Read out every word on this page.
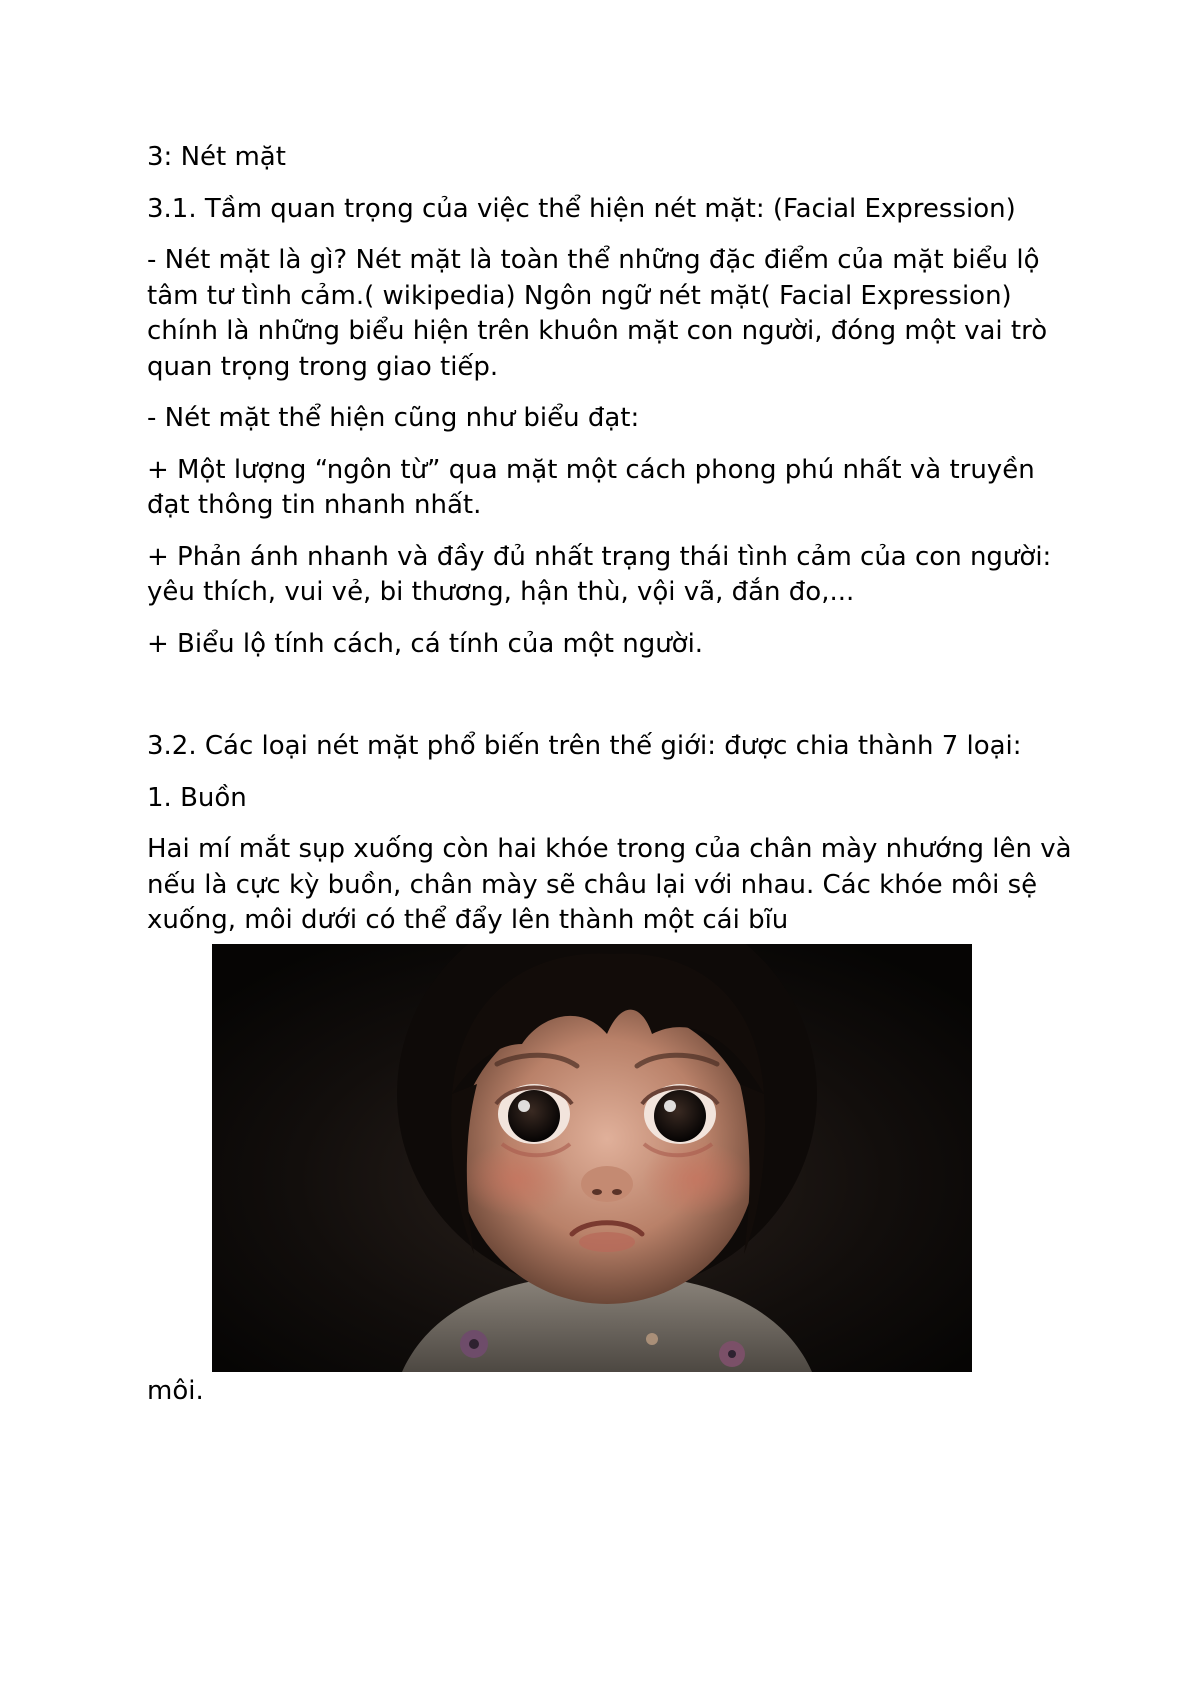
3: Nét mặt

3.1. Tầm quan trọng của việc thể hiện nét mặt: (Facial Expression)

- Nét mặt là gì? Nét mặt là toàn thể những đặc điểm của mặt biểu lộ tâm tư tình cảm.( wikipedia) Ngôn ngữ nét mặt( Facial Expression) chính là những biểu hiện trên khuôn mặt con người, đóng một vai trò quan trọng trong giao tiếp.

- Nét mặt thể hiện cũng như biểu đạt:

+ Một lượng “ngôn từ” qua mặt một cách phong phú nhất và truyền đạt thông tin nhanh nhất.

+ Phản ánh nhanh và đầy đủ nhất trạng thái tình cảm của con người: yêu thích, vui vẻ, bi thương, hận thù, vội vã, đắn đo,...

+ Biểu lộ tính cách, cá tính của một người.

3.2. Các loại nét mặt phổ biến trên thế giới: được chia thành 7 loại:

1. Buồn

Hai mí mắt sụp xuống còn hai khóe trong của chân mày nhướng lên và nếu là cực kỳ buồn, chân mày sẽ châu lại với nhau. Các khóe môi sệ xuống, môi dưới có thể đẩy lên thành một cái bĩu

môi.
